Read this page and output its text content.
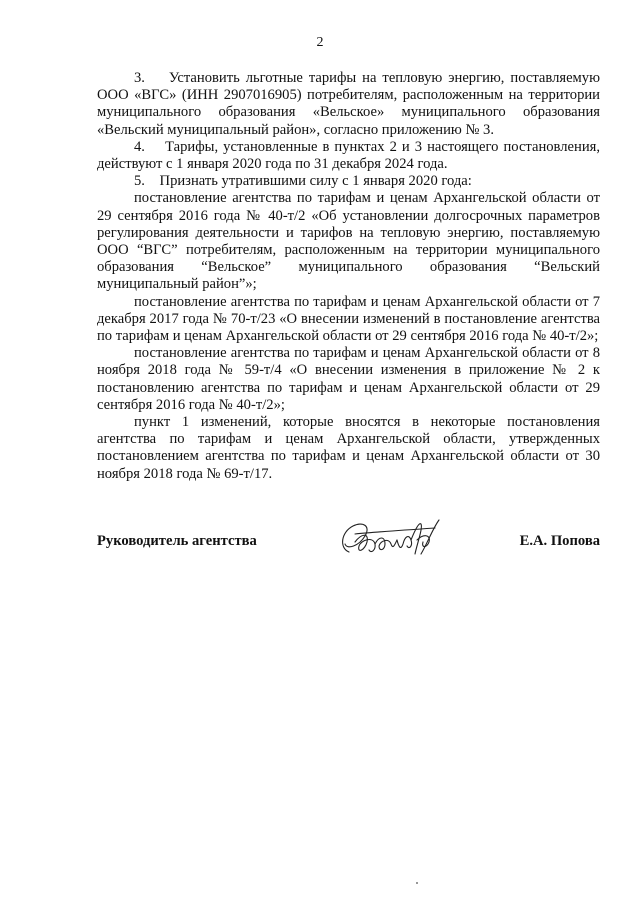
2

3.    Установить льготные тарифы на тепловую энергию, поставляемую ООО «ВГС» (ИНН 2907016905) потребителям, расположенным на территории муниципального образования «Вельское» муниципального образования «Вельский муниципальный район», согласно приложению № 3.

4.    Тарифы, установленные в пунктах 2 и 3 настоящего постановления, действуют с 1 января 2020 года по 31 декабря 2024 года.

5.    Признать утратившими силу с 1 января 2020 года:

постановление агентства по тарифам и ценам Архангельской области от 29 сентября 2016 года № 40-т/2 «Об установлении долгосрочных параметров регулирования деятельности и тарифов на тепловую энергию, поставляемую ООО “ВГС” потребителям, расположенным на территории муниципального образования “Вельское” муниципального образования “Вельский муниципальный район”»;

постановление агентства по тарифам и ценам Архангельской области от 7 декабря 2017 года № 70-т/23 «О внесении изменений в постановление агентства по тарифам и ценам Архангельской области от 29 сентября 2016 года № 40-т/2»;

постановление агентства по тарифам и ценам Архангельской области от 8 ноября 2018 года № 59-т/4 «О внесении изменения в приложение № 2 к постановлению агентства по тарифам и ценам Архангельской области от 29 сентября 2016 года № 40-т/2»;

пункт 1 изменений, которые вносятся в некоторые постановления агентства по тарифам и ценам Архангельской области, утвержденных постановлением агентства по тарифам и ценам Архангельской области от 30 ноября 2018 года № 69-т/17.

Руководитель агентства	Е.А. Попова
